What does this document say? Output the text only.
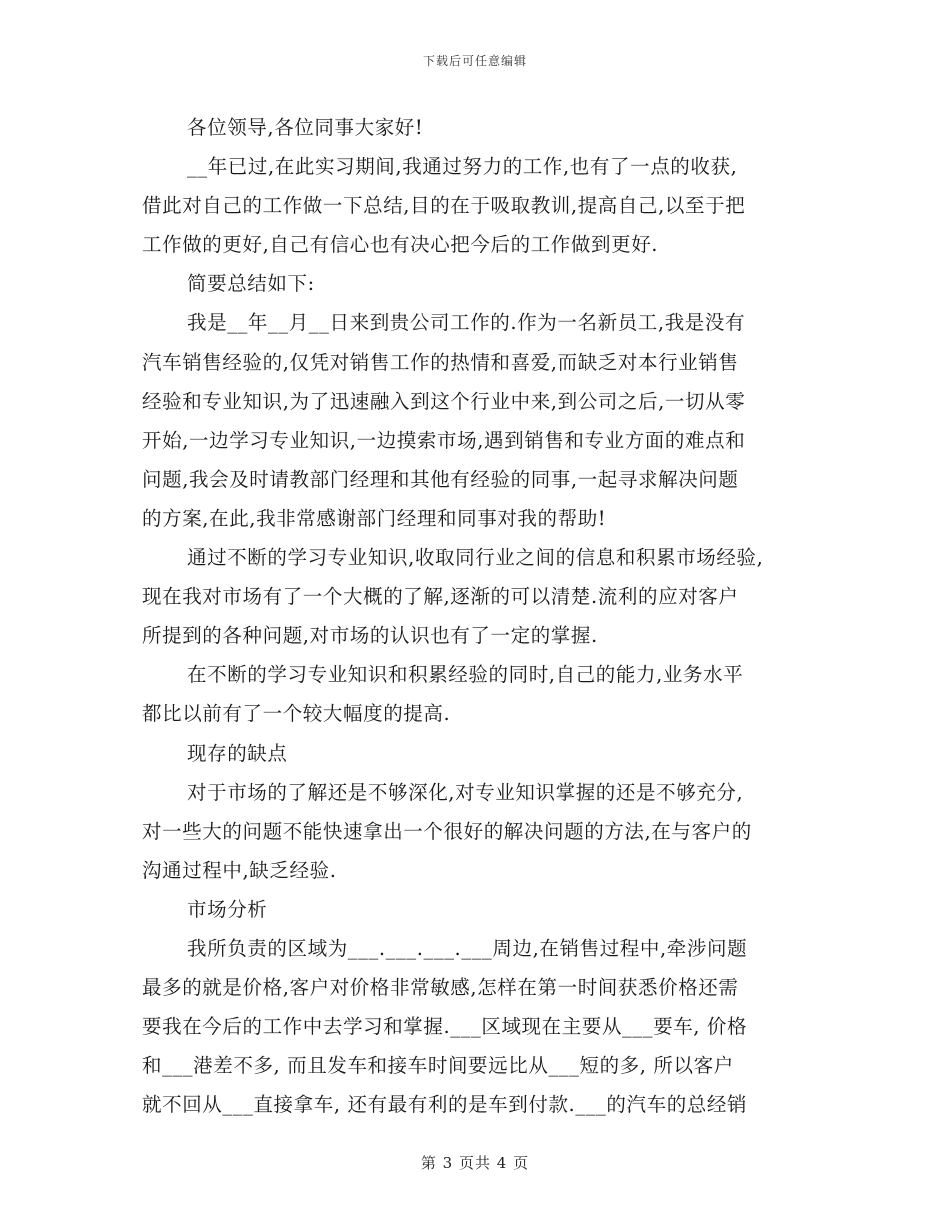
下载后可任意编辑
各位领导,各位同事大家好!
__年已过,在此实习期间,我通过努力的工作,也有了一点的收获,
借此对自己的工作做一下总结,目的在于吸取教训,提高自己,以至于把
工作做的更好,自己有信心也有决心把今后的工作做到更好.
简要总结如下:
我是__年__月__日来到贵公司工作的.作为一名新员工,我是没有
汽车销售经验的,仅凭对销售工作的热情和喜爱,而缺乏对本行业销售
经验和专业知识,为了迅速融入到这个行业中来,到公司之后,一切从零
开始,一边学习专业知识,一边摸索市场,遇到销售和专业方面的难点和
问题,我会及时请教部门经理和其他有经验的同事,一起寻求解决问题
的方案,在此,我非常感谢部门经理和同事对我的帮助!
通过不断的学习专业知识,收取同行业之间的信息和积累市场经验,
现在我对市场有了一个大概的了解,逐渐的可以清楚.流利的应对客户
所提到的各种问题,对市场的认识也有了一定的掌握.
在不断的学习专业知识和积累经验的同时,自己的能力,业务水平
都比以前有了一个较大幅度的提高.
现存的缺点
对于市场的了解还是不够深化,对专业知识掌握的还是不够充分,
对一些大的问题不能快速拿出一个很好的解决问题的方法,在与客户的
沟通过程中,缺乏经验.
市场分析
我所负责的区域为___.___.___.___周边,在销售过程中,牵涉问题
最多的就是价格,客户对价格非常敏感,怎样在第一时间获悉价格还需
要我在今后的工作中去学习和掌握.___区域现在主要从___要车, 价格
和___港差不多, 而且发车和接车时间要远比从___短的多, 所以客户
就不回从___直接拿车, 还有最有利的是车到付款.___的汽车的总经销
第 3 页共 4 页
